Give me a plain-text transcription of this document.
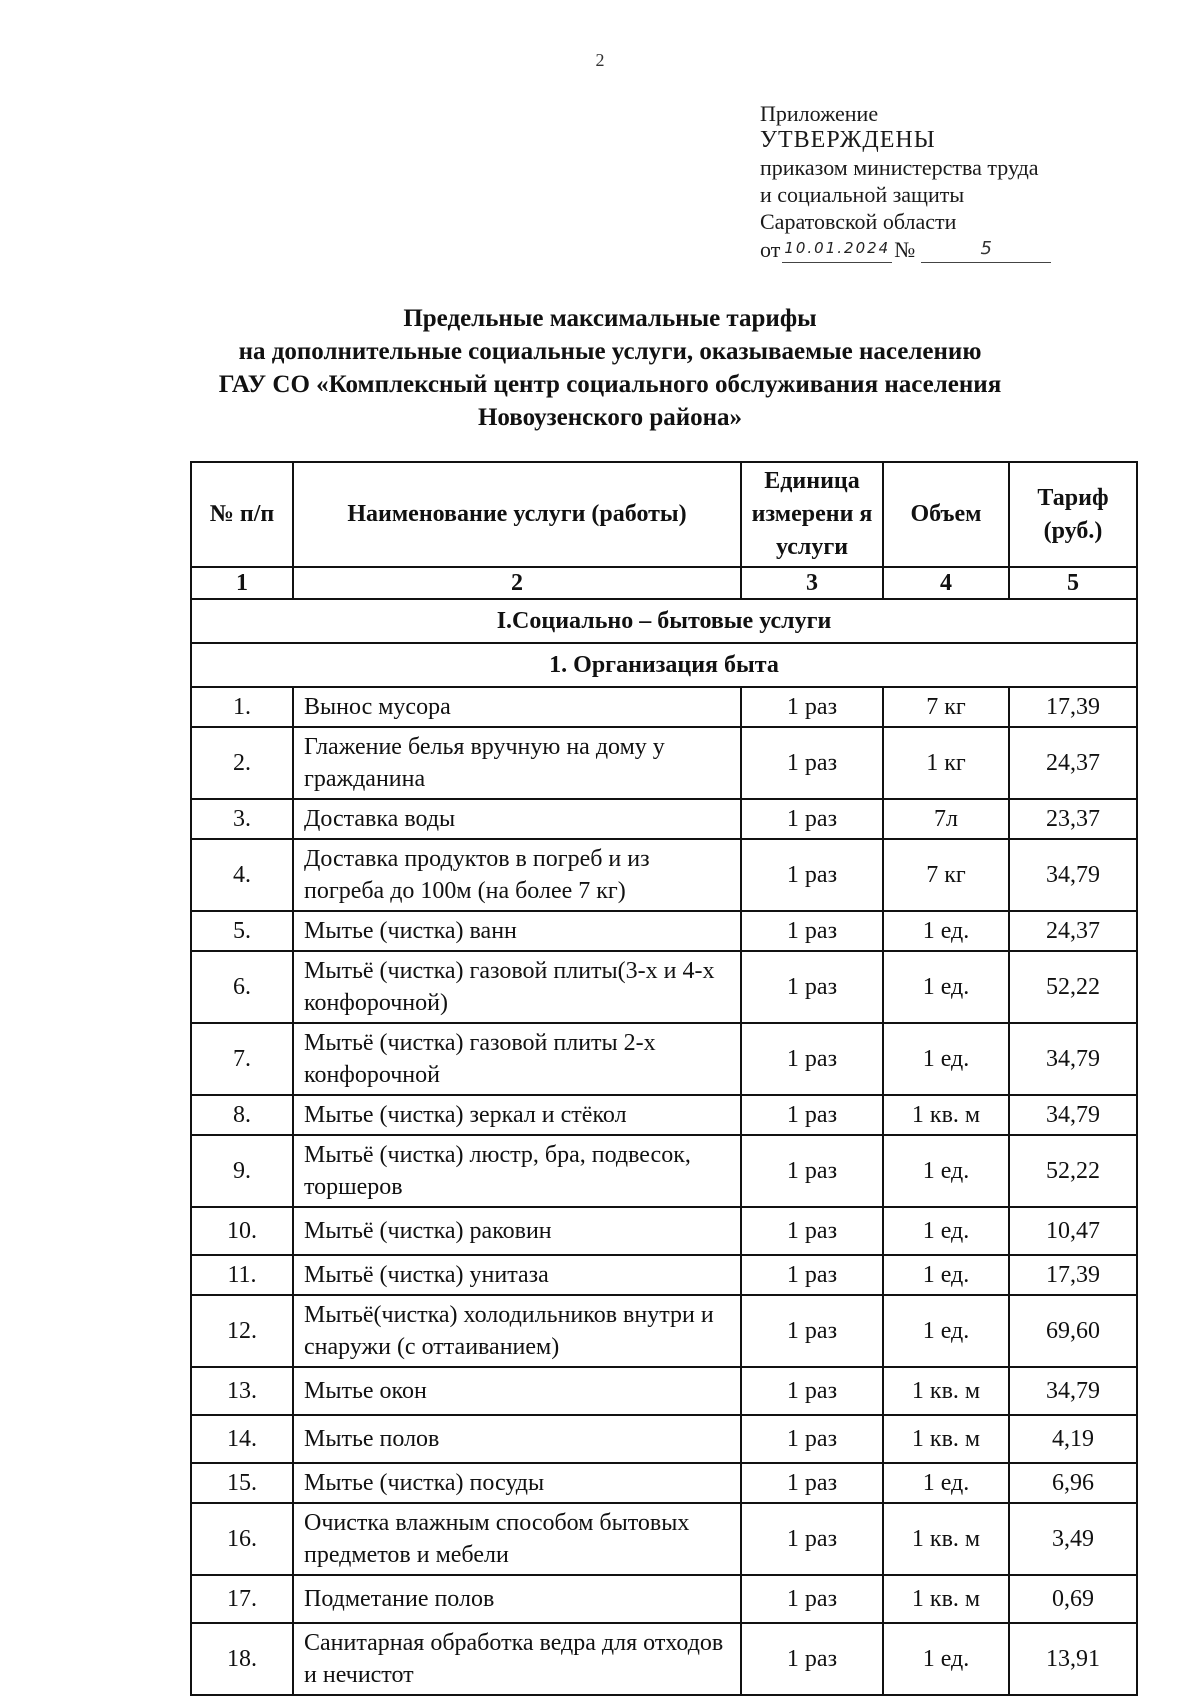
2
Приложение
УТВЕРЖДЕНЫ
приказом министерства труда
и социальной защиты
Саратовской области
от 10.01.2024 №	5
Предельные максимальные тарифы
на дополнительные социальные услуги, оказываемые населению
ГАУ СО «Комплексный центр социального обслуживания населения
Новоузенского района»
№ п/п	Наименование услуги (работы)	Единица измерени я услуги	Объем	Тариф (руб.)
1	2	3	4	5
I.Социально – бытовые услуги				
1. Организация быта				
1.	Вынос мусора	1 раз	7 кг	17,39
2.	Глажение белья вручную на дому у гражданина	1 раз	1 кг	24,37
3.	Доставка воды	1 раз	7л	23,37
4.	Доставка продуктов в погреб и из погреба до 100м (на более 7 кг)	1 раз	7 кг	34,79
5.	Мытье (чистка) ванн	1 раз	1 ед.	24,37
6.	Мытьё (чистка) газовой плиты(3-х и 4-х конфорочной)	1 раз	1 ед.	52,22
7.	Мытьё (чистка) газовой плиты 2-х конфорочной	1 раз	1 ед.	34,79
8.	Мытье (чистка) зеркал и стёкол	1 раз	1 кв. м	34,79
9.	Мытьё (чистка) люстр, бра, подвесок, торшеров	1 раз	1 ед.	52,22
10.	Мытьё (чистка) раковин	1 раз	1 ед.	10,47
11.	Мытьё (чистка) унитаза	1 раз	1 ед.	17,39
12.	Мытьё(чистка) холодильников внутри и снаружи (с оттаиванием)	1 раз	1 ед.	69,60
13.	Мытье окон	1 раз	1 кв. м	34,79
14.	Мытье полов	1 раз	1 кв. м	4,19
15.	Мытье (чистка) посуды	1 раз	1 ед.	6,96
16.	Очистка влажным способом бытовых предметов и мебели	1 раз	1 кв. м	3,49
17.	Подметание полов	1 раз	1 кв. м	0,69
18.	Санитарная обработка ведра для отходов и нечистот	1 раз	1 ед.	13,91
